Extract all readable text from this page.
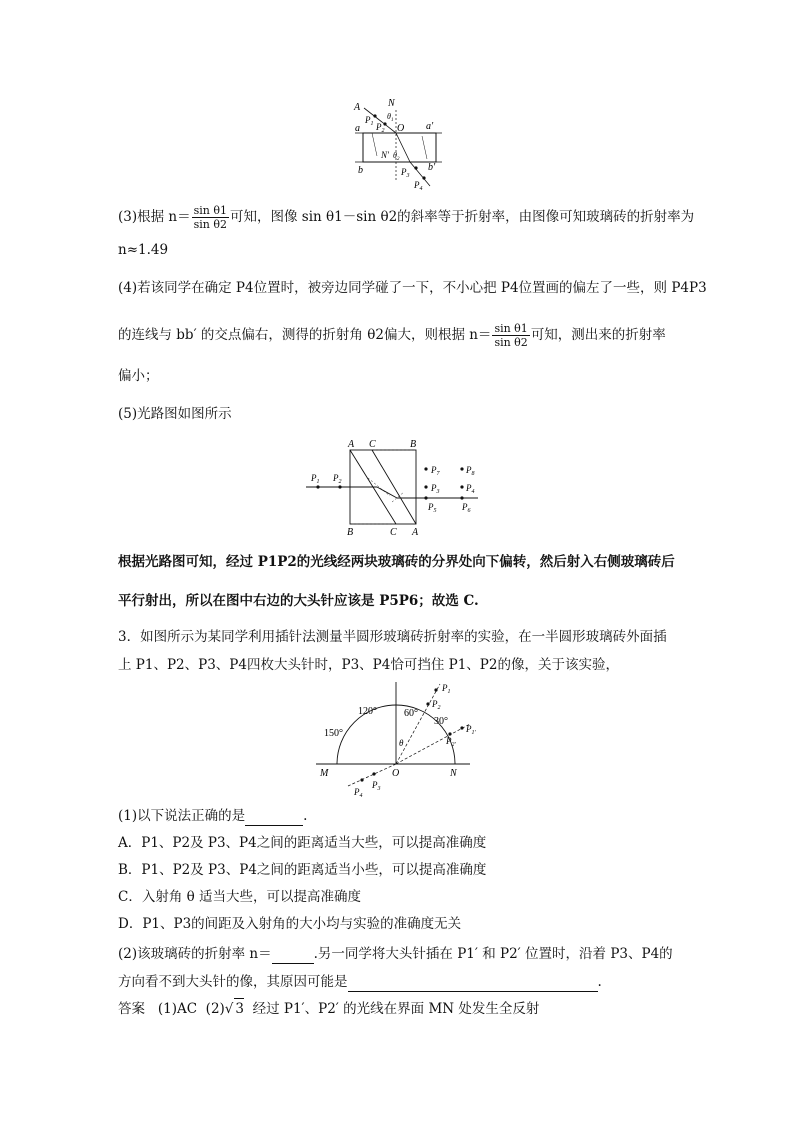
A	N
$P_1$ $P_2$
$\theta_1$
O
a	a′
N′ $\theta_2$
b	b′
$P_3$
$P_4$
(3)根据 $n= \frac{\text{sin θ1}}{\text{sin θ2}}$ 可知，图像 sin θ1－sin θ2的斜率等于折射率，由图像可知玻璃砖的折射率为
n≈1.49
(4)若该同学在确定 P4位置时，被旁边同学碰了一下，不小心把 P4位置画的偏左了一些，则 P4P3
的连线与 bb′ 的交点偏右，测得的折射角 θ2偏大，则根据 $n= \frac{\text{sin θ1}}{\text{sin θ2}}$ 可知，测出来的折射率
偏小；
(5)光路图如图所示
A C	B
B	C A
$P_1$ $P_2$
$P_7$	$P_8$
$P_3$	$P_4$
$P_5$	$P_6$
根据光路图可知，经过 P1P2的光线经两块玻璃砖的分界处向下偏转，然后射入右侧玻璃砖后
平行射出，所以在图中右边的大头针应该是 P5P6；故选 C.
3．如图所示为某同学利用插针法测量半圆形玻璃砖折射率的实验，在一半圆形玻璃砖外面插
上 P1、P2、P3、P4四枚大头针时，P3、P4恰可挡住 P1、P2的像，关于该实验，
$P_1$
$P_2$
$P_{1'}$
$P_{2'}$
150°
120°	60°
30°
θ
M	O	N
$P_3$
$P_4$
(1)以下说法正确的是	.
A．P1、P2及 P3、P4之间的距离适当大些，可以提高准确度
B．P1、P2及 P3、P4之间的距离适当小些，可以提高准确度
C．入射角 θ 适当大些，可以提高准确度
D．P1、P3的间距及入射角的大小均与实验的准确度无关
(2)该玻璃砖的折射率 n＝	.另一同学将大头针插在 P1′ 和 P2′ 位置时，沿着 P3、P4的
方向看不到大头针的像，其原因可能是	.
答案 (1)AC (2)√ 3 经过 P1′、P2′ 的光线在界面 MN 处发生全反射
